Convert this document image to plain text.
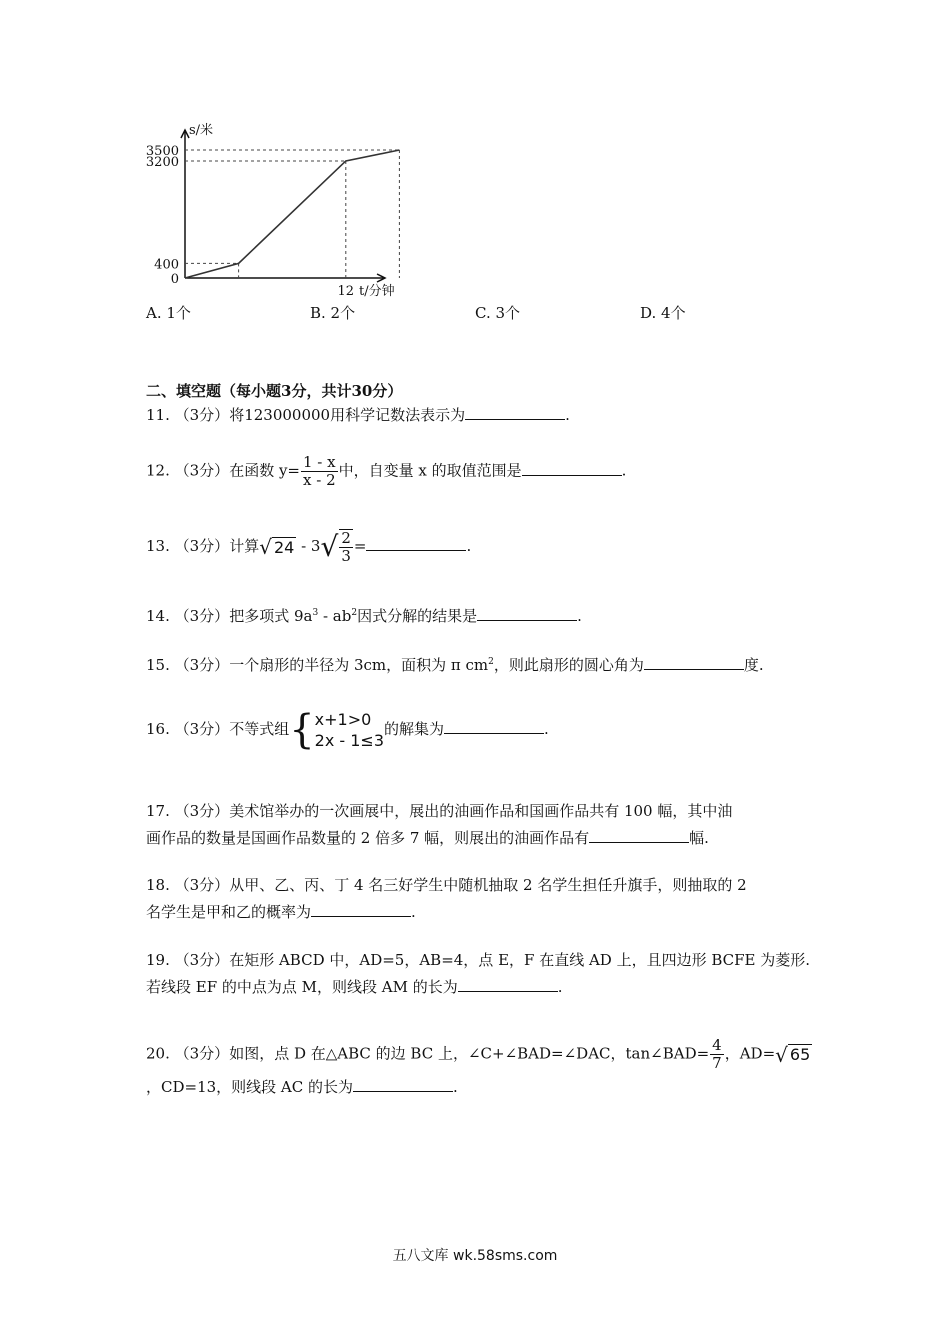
3500
3200
400
0
12
s/米
t/分钟
A. 1个	B. 2个	C. 3个	D. 4个
二、填空题（每小题3分，共计30分）
11. （3分）将123000000用科学记数法表示为	.
12. （3分）在函数 $y= \frac{1 - x}{x - 2}$ 中，自变量 x 的取值范围是	.
13. （3分）计算 √ 24 - 3 √ $\frac{2}{3}$ =	.
14. （3分）把多项式 $9a^3 - ab^2$因式分解的结果是	.
15. （3分）一个扇形的半径为 3cm，面积为 π $cm^2$，则此扇形的圆心角为	度.
16. （3分）不等式组{ x+1>0
2x - 1≤3
的解集为	.
17. （3分）美术馆举办的一次画展中，展出的油画作品和国画作品共有 100 幅，其中油
画作品的数量是国画作品数量的 2 倍多 7 幅，则展出的油画作品有	幅.
18. （3分）从甲、乙、丙、丁 4 名三好学生中随机抽取 2 名学生担任升旗手，则抽取的 2
名学生是甲和乙的概率为	.
19. （3分）在矩形 ABCD 中，AD=5，AB=4，点 E，F 在直线 AD 上，且四边形 BCFE 为菱形.
若线段 EF 的中点为点 M，则线段 AM 的长为	.
20. （3分）如图，点 D 在△ABC 的边 BC 上，∠C+∠BAD=∠DAC，tan∠BAD= $\frac{4}{7}$ ，AD= √ 65
，CD=13，则线段 AC 的长为	.
五八文库 wk.58sms.com
